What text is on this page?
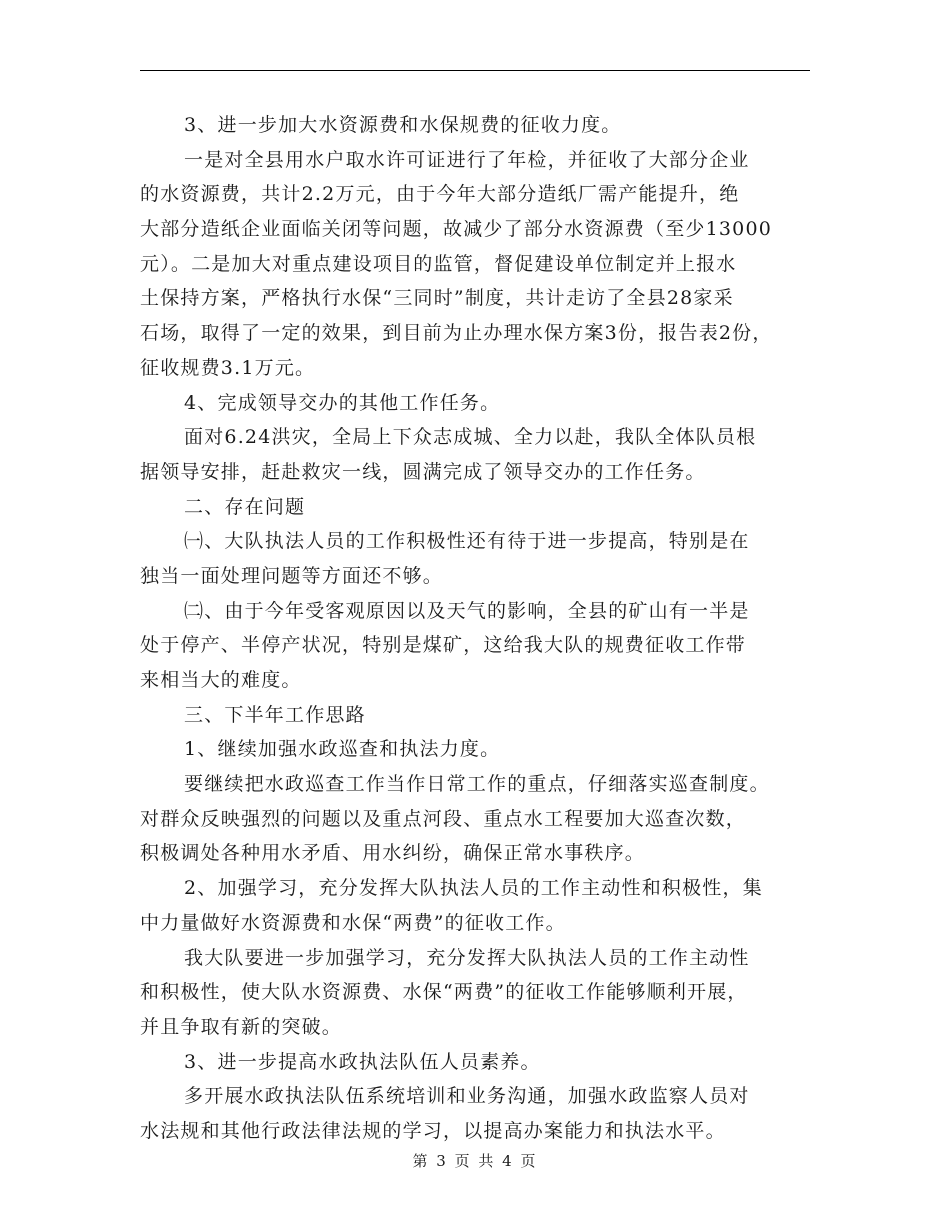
3、进一步加大水资源费和水保规费的征收力度。
一是对全县用水户取水许可证进行了年检，并征收了大部分企业
的水资源费，共计2.2万元，由于今年大部分造纸厂需产能提升，绝
大部分造纸企业面临关闭等问题，故减少了部分水资源费（至少13000
元）。二是加大对重点建设项目的监管，督促建设单位制定并上报水
土保持方案，严格执行水保“三同时”制度，共计走访了全县28家采
石场，取得了一定的效果，到目前为止办理水保方案3份，报告表2份，
征收规费3.1万元。
4、完成领导交办的其他工作任务。
面对6.24洪灾，全局上下众志成城、全力以赴，我队全体队员根
据领导安排，赶赴救灾一线，圆满完成了领导交办的工作任务。
二、存在问题
㈠、大队执法人员的工作积极性还有待于进一步提高，特别是在
独当一面处理问题等方面还不够。
㈡、由于今年受客观原因以及天气的影响，全县的矿山有一半是
处于停产、半停产状况，特别是煤矿，这给我大队的规费征收工作带
来相当大的难度。
三、下半年工作思路
1、继续加强水政巡查和执法力度。
要继续把水政巡查工作当作日常工作的重点，仔细落实巡查制度。
对群众反映强烈的问题以及重点河段、重点水工程要加大巡查次数，
积极调处各种用水矛盾、用水纠纷，确保正常水事秩序。
2、加强学习，充分发挥大队执法人员的工作主动性和积极性，集
中力量做好水资源费和水保“两费”的征收工作。
我大队要进一步加强学习，充分发挥大队执法人员的工作主动性
和积极性，使大队水资源费、水保“两费”的征收工作能够顺利开展，
并且争取有新的突破。
3、进一步提高水政执法队伍人员素养。
多开展水政执法队伍系统培训和业务沟通，加强水政监察人员对
水法规和其他行政法律法规的学习，以提高办案能力和执法水平。
第 3 页 共 4 页
